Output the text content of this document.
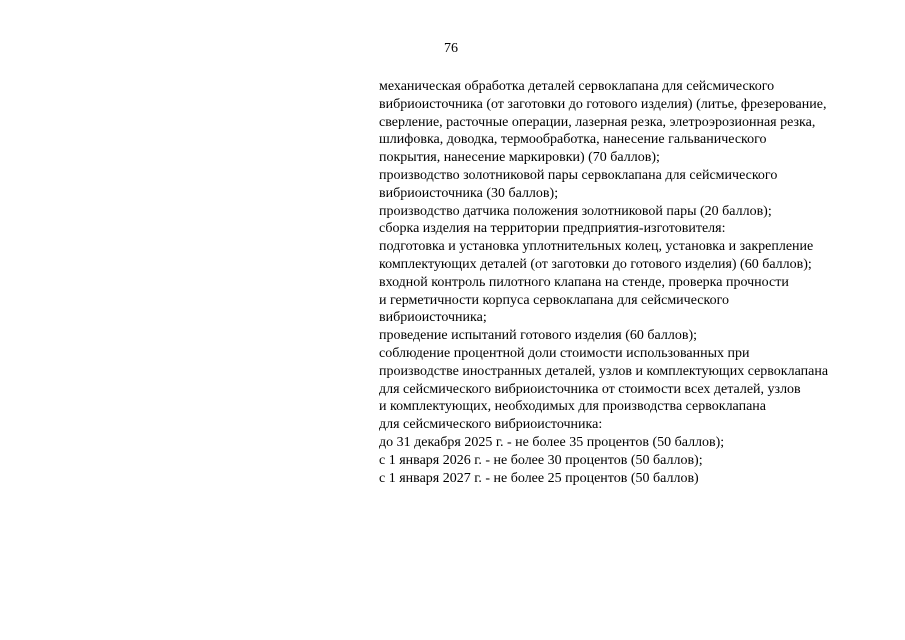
76
механическая обработка деталей сервоклапана для сейсмического
вибриоисточника (от заготовки до готового изделия) (литье, фрезерование,
сверление, расточные операции, лазерная резка, элетроэрозионная резка,
шлифовка, доводка, термообработка, нанесение гальванического
покрытия, нанесение маркировки) (70 баллов);
производство золотниковой пары сервоклапана для сейсмического
вибриоисточника (30 баллов);
производство датчика положения золотниковой пары (20 баллов);
сборка изделия на территории предприятия-изготовителя:
подготовка и установка уплотнительных колец, установка и закрепление
комплектующих деталей (от заготовки до готового изделия) (60 баллов);
входной контроль пилотного клапана на стенде, проверка прочности
и герметичности корпуса сервоклапана для сейсмического
вибриоисточника;
проведение испытаний готового изделия (60 баллов);
соблюдение процентной доли стоимости использованных при
производстве иностранных деталей, узлов и комплектующих сервоклапана
для сейсмического вибриоисточника от стоимости всех деталей, узлов
и комплектующих, необходимых для производства сервоклапана
для сейсмического вибриоисточника:
до 31 декабря 2025 г. - не более 35 процентов (50 баллов);
с 1 января 2026 г. - не более 30 процентов (50 баллов);
с 1 января 2027 г. - не более 25 процентов (50 баллов)
